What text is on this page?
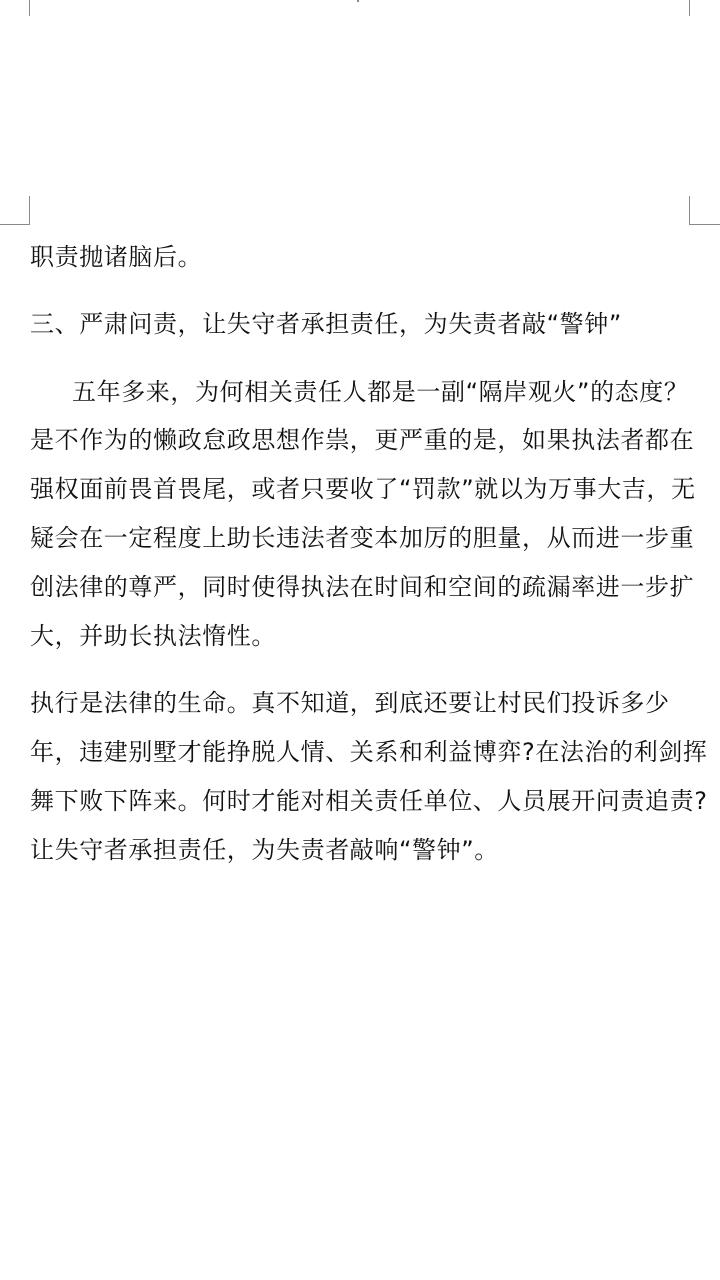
职责抛诸脑后。
三、严肃问责，让失守者承担责任，为失责者敲“警钟”
五年多来，为何相关责任人都是一副“隔岸观火”的态度？
是不作为的懒政怠政思想作祟，更严重的是，如果执法者都在
强权面前畏首畏尾，或者只要收了“罚款”就以为万事大吉，无
疑会在一定程度上助长违法者变本加厉的胆量，从而进一步重
创法律的尊严，同时使得执法在时间和空间的疏漏率进一步扩
大，并助长执法惰性。
执行是法律的生命。真不知道，到底还要让村民们投诉多少
年，违建别墅才能挣脱人情、关系和利益博弈?在法治的利剑挥
舞下败下阵来。何时才能对相关责任单位、人员展开问责追责?
让失守者承担责任，为失责者敲响“警钟”。
